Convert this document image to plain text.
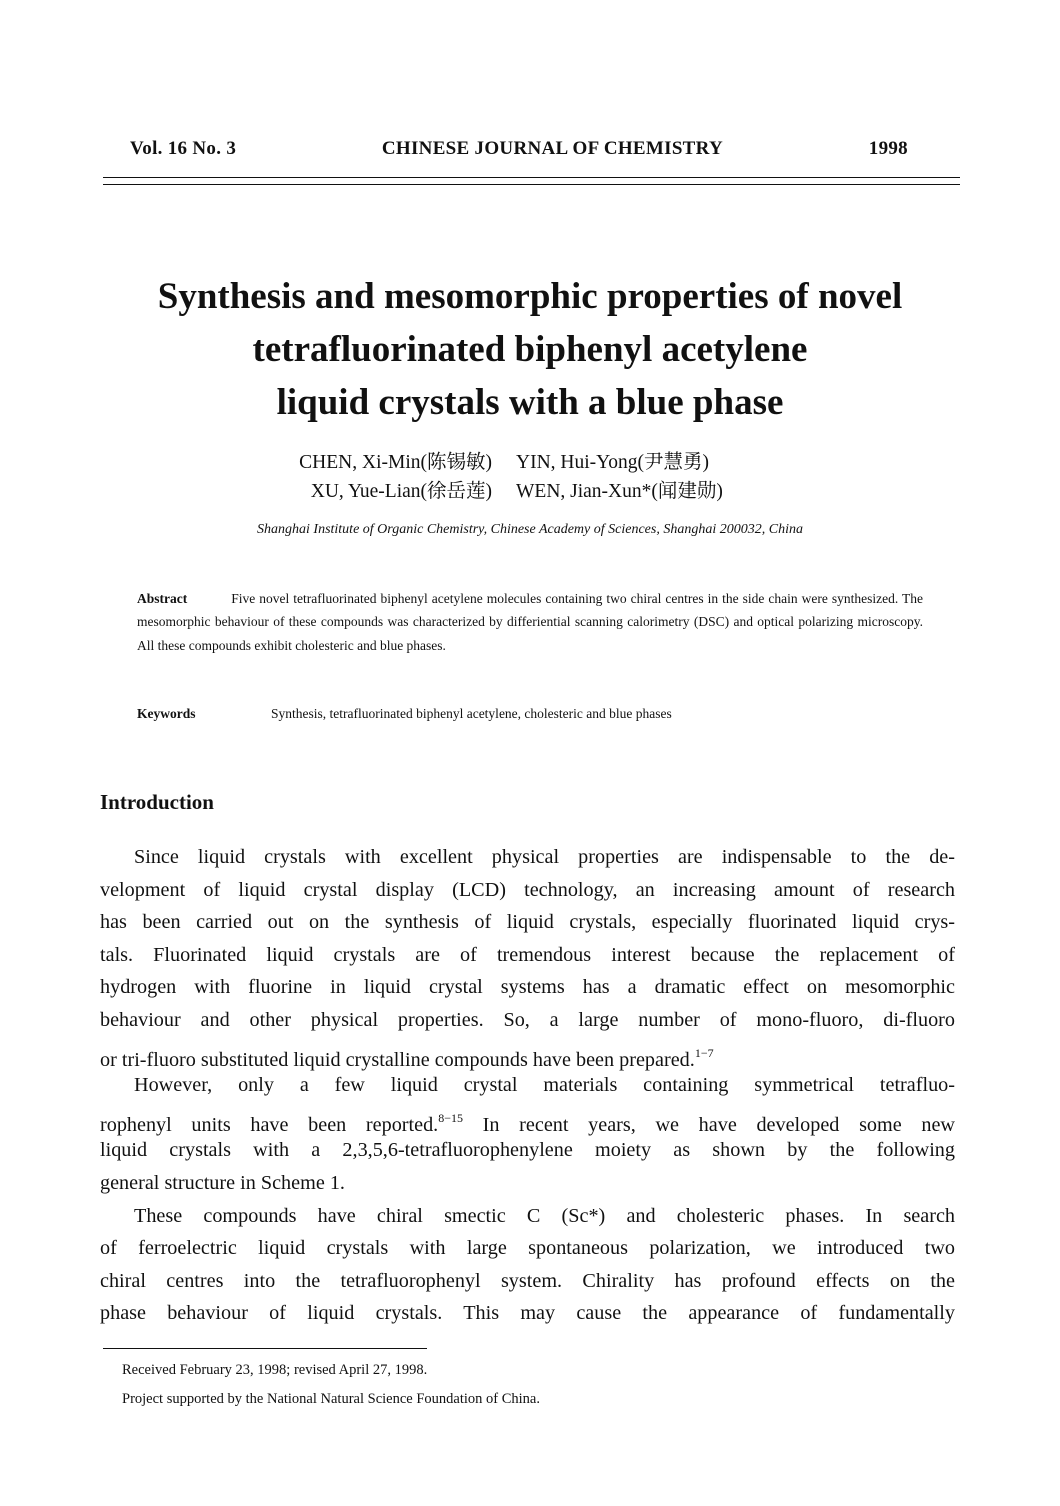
Vol. 16 No. 3	CHINESE JOURNAL OF CHEMISTRY	1998
Synthesis and mesomorphic properties of novel
tetrafluorinated biphenyl acetylene
liquid crystals with a blue phase
CHEN, Xi-Min(陈锡敏)	YIN, Hui-Yong(尹慧勇)
XU, Yue-Lian(徐岳莲)	WEN, Jian-Xun*(闻建勋)
Shanghai Institute of Organic Chemistry, Chinese Academy of Sciences, Shanghai 200032, China
Abstract	Five novel tetrafluorinated biphenyl acetylene molecules containing two chiral centres in the side chain were synthesized. The mesomorphic behaviour of these compounds was characterized by differiential scanning calorimetry (DSC) and optical polarizing microscopy. All these compounds exhibit cholesteric and blue phases.
Keywords	Synthesis, tetrafluorinated biphenyl acetylene, cholesteric and blue phases
Introduction
Since liquid crystals with excellent physical properties are indispensable to the de-
velopment of liquid crystal display (LCD) technology, an increasing amount of research
has been carried out on the synthesis of liquid crystals, especially fluorinated liquid crys-
tals. Fluorinated liquid crystals are of tremendous interest because the replacement of
hydrogen with fluorine in liquid crystal systems has a dramatic effect on mesomorphic
behaviour and other physical properties. So, a large number of mono-fluoro, di-fluoro
or tri-fluoro substituted liquid crystalline compounds have been prepared.$^{1-7}$
However, only a few liquid crystal materials containing symmetrical tetrafluo-
rophenyl units have been reported.$^{8-15}$ In recent years, we have developed some new
liquid crystals with a 2,3,5,6-tetrafluorophenylene moiety as shown by the following
general structure in Scheme 1.
These compounds have chiral smectic C (Sc*) and cholesteric phases. In search
of ferroelectric liquid crystals with large spontaneous polarization, we introduced two
chiral centres into the tetrafluorophenyl system. Chirality has profound effects on the
phase behaviour of liquid crystals. This may cause the appearance of fundamentally
Received February 23, 1998; revised April 27, 1998.
Project supported by the National Natural Science Foundation of China.
